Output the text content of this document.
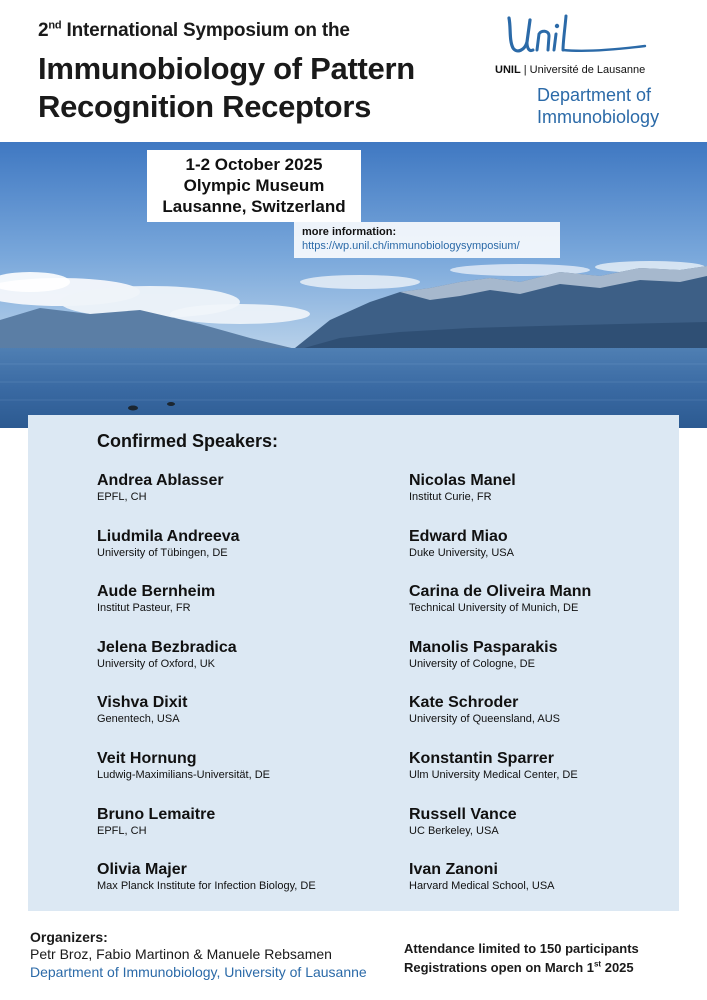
2nd International Symposium on the
Immunobiology of Pattern
Recognition Receptors
UNIL | Université de Lausanne
Department of
Immunobiology
1-2 October 2025
Olympic Museum
Lausanne, Switzerland
more information:
https://wp.unil.ch/immunobiologysymposium/
Confirmed Speakers:
Andrea Ablasser
EPFL, CH
Liudmila Andreeva
University of Tübingen, DE
Aude Bernheim
Institut Pasteur, FR
Jelena Bezbradica
University of Oxford, UK
Vishva Dixit
Genentech, USA
Veit Hornung
Ludwig-Maximilians-Universität, DE
Bruno Lemaitre
EPFL, CH
Olivia Majer
Max Planck Institute for Infection Biology, DE
Nicolas Manel
Institut Curie, FR
Edward Miao
Duke University, USA
Carina de Oliveira Mann
Technical University of Munich, DE
Manolis Pasparakis
University of Cologne, DE
Kate Schroder
University of Queensland, AUS
Konstantin Sparrer
Ulm University Medical Center, DE
Russell Vance
UC Berkeley, USA
Ivan Zanoni
Harvard Medical School, USA
Organizers:
Petr Broz, Fabio Martinon & Manuele Rebsamen
Department of Immunobiology, University of Lausanne
Attendance limited to 150 participants
Registrations open on March 1st 2025
